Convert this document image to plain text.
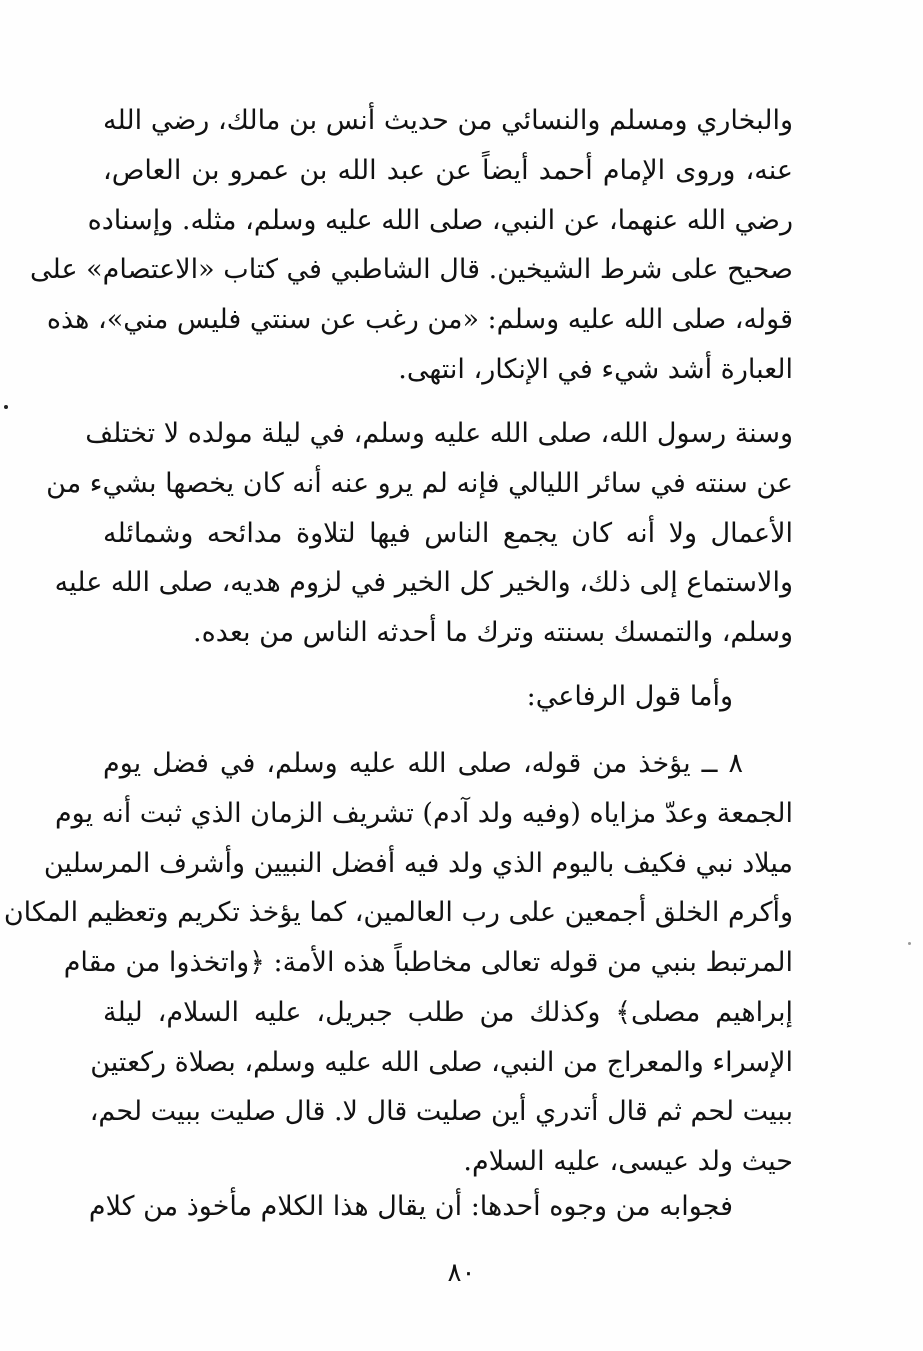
والبخاري ومسلم والنسائي من حديث أنس بن مالك، رضي الله
عنه، وروى الإمام أحمد أيضاً عن عبد الله بن عمرو بن العاص،
رضي الله عنهما، عن النبي، صلى الله عليه وسلم، مثله. وإسناده
صحيح على شرط الشيخين. قال الشاطبي في كتاب «الاعتصام» على
قوله، صلى الله عليه وسلم: «من رغب عن سنتي فليس مني»، هذه
العبارة أشد شيء في الإنكار، انتهى.
وسنة رسول الله، صلى الله عليه وسلم، في ليلة مولده لا تختلف
عن سنته في سائر الليالي فإنه لم يرو عنه أنه كان يخصها بشيء من
الأعمال ولا أنه كان يجمع الناس فيها لتلاوة مدائحه وشمائله
والاستماع إلى ذلك، والخير كل الخير في لزوم هديه، صلى الله عليه
وسلم، والتمسك بسنته وترك ما أحدثه الناس من بعده.
وأما قول الرفاعي:
٨ ــ يؤخذ من قوله، صلى الله عليه وسلم، في فضل يوم
الجمعة وعدّ مزاياه (وفيه ولد آدم) تشريف الزمان الذي ثبت أنه يوم
ميلاد نبي فكيف باليوم الذي ولد فيه أفضل النبيين وأشرف المرسلين
وأكرم الخلق أجمعين على رب العالمين، كما يؤخذ تكريم وتعظيم المكان
المرتبط بنبي من قوله تعالى مخاطباً هذه الأمة: ﴿واتخذوا من مقام
إبراهيم مصلى﴾ وكذلك من طلب جبريل، عليه السلام، ليلة
الإسراء والمعراج من النبي، صلى الله عليه وسلم، بصلاة ركعتين
ببيت لحم ثم قال أتدري أين صليت قال لا. قال صليت ببيت لحم،
حيث ولد عيسى، عليه السلام.
فجوابه من وجوه أحدها: أن يقال هذا الكلام مأخوذ من كلام
٨٠
